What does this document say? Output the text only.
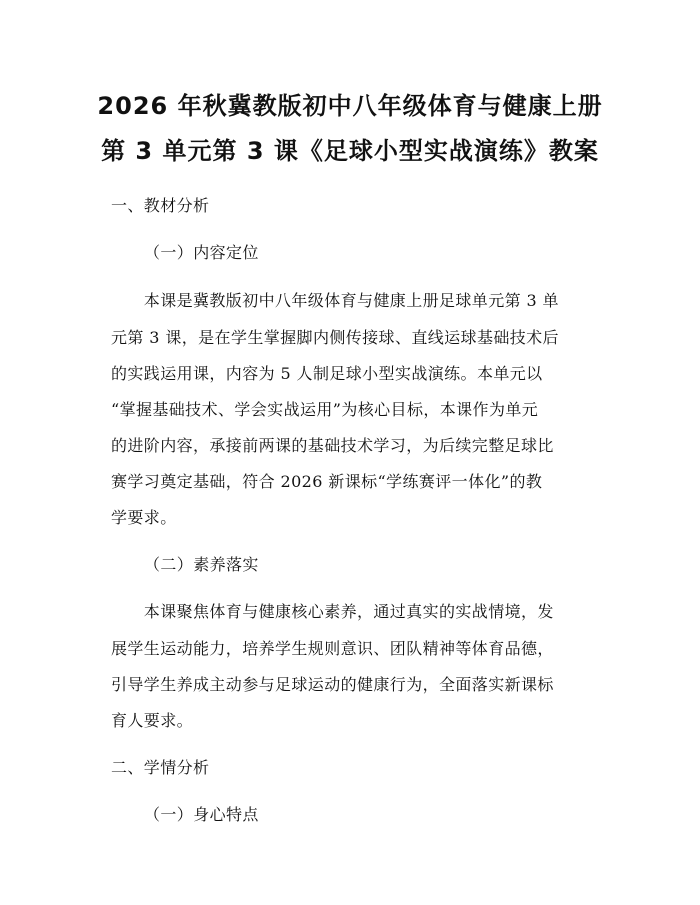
2026 年秋冀教版初中八年级体育与健康上册
第 3 单元第 3 课《足球小型实战演练》教案
一、教材分析
（一）内容定位
　　本课是冀教版初中八年级体育与健康上册足球单元第 3 单
元第 3 课，是在学生掌握脚内侧传接球、直线运球基础技术后
的实践运用课，内容为 5 人制足球小型实战演练。本单元以
“掌握基础技术、学会实战运用”为核心目标，本课作为单元
的进阶内容，承接前两课的基础技术学习，为后续完整足球比
赛学习奠定基础，符合 2026 新课标“学练赛评一体化”的教
学要求。
（二）素养落实
　　本课聚焦体育与健康核心素养，通过真实的实战情境，发
展学生运动能力，培养学生规则意识、团队精神等体育品德，
引导学生养成主动参与足球运动的健康行为，全面落实新课标
育人要求。
二、学情分析
（一）身心特点
